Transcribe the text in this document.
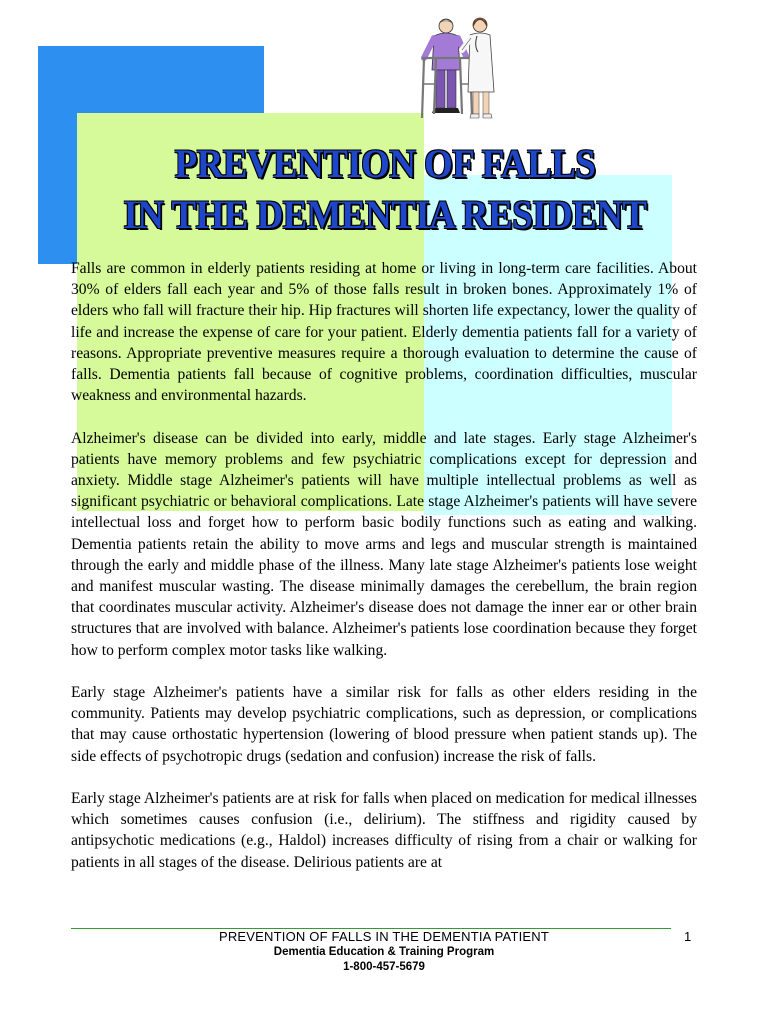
PREVENTION OF FALLS
IN THE DEMENTIA RESIDENT

Falls are common in elderly patients residing at home or living in long-term care facilities. About 30% of elders fall each year and 5% of those falls result in broken bones. Approximately 1% of elders who fall will fracture their hip. Hip fractures will shorten life expectancy, lower the quality of life and increase the expense of care for your patient. Elderly dementia patients fall for a variety of reasons. Appropriate preventive measures require a thorough evaluation to determine the cause of falls. Dementia patients fall because of cognitive problems, coordination difficulties, muscular weakness and environmental hazards.

Alzheimer's disease can be divided into early, middle and late stages. Early stage Alzheimer's patients have memory problems and few psychiatric complications except for depression and anxiety. Middle stage Alzheimer's patients will have multiple intellectual problems as well as significant psychiatric or behavioral complications. Late stage Alzheimer's patients will have severe intellectual loss and forget how to perform basic bodily functions such as eating and walking. Dementia patients retain the ability to move arms and legs and muscular strength is maintained through the early and middle phase of the illness. Many late stage Alzheimer's patients lose weight and manifest muscular wasting. The disease minimally damages the cerebellum, the brain region that coordinates muscular activity. Alzheimer's disease does not damage the inner ear or other brain structures that are involved with balance. Alzheimer's patients lose coordination because they forget how to perform complex motor tasks like walking.

Early stage Alzheimer's patients have a similar risk for falls as other elders residing in the community. Patients may develop psychiatric complications, such as depression, or complications that may cause orthostatic hypertension (lowering of blood pressure when patient stands up). The side effects of psychotropic drugs (sedation and confusion) increase the risk of falls.

Early stage Alzheimer's patients are at risk for falls when placed on medication for medical illnesses which sometimes causes confusion (i.e., delirium). The stiffness and rigidity caused by antipsychotic medications (e.g., Haldol) increases difficulty of rising from a chair or walking for patients in all stages of the disease. Delirious patients are at

PREVENTION OF FALLS IN THE DEMENTIA PATIENT
Dementia Education & Training Program
1-800-457-5679
1
